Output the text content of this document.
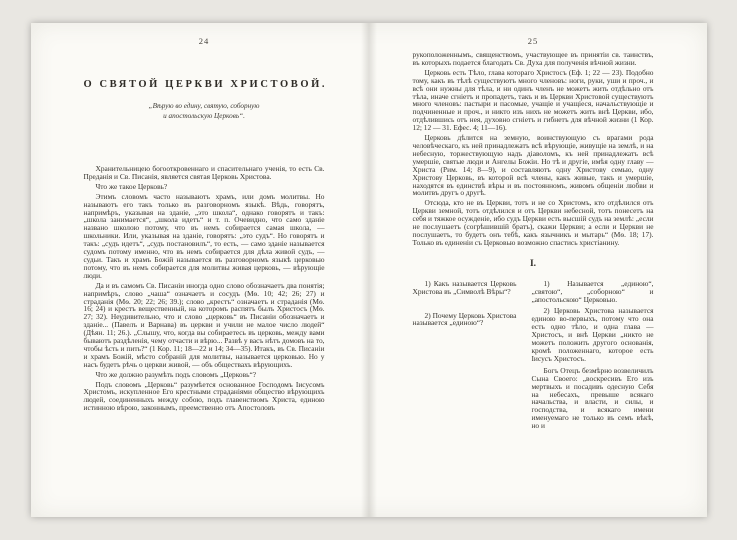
24
О СВЯТОЙ ЦЕРКВИ ХРИСТОВОЙ.
„Вѣрую во едину, святую, соборную
и апостольскую Церковь“.

Хранительницею богооткровеннаго и спасительнаго ученія, то есть Св. Преданія и Св. Писанія, является святая Церковь Христова.

Что же такое Церковь?

Этимъ словомъ часто называютъ храмъ, или домъ молитвы. Но называютъ его такъ только въ разговорномъ языкѣ. Вѣдь, говорятъ, напримѣръ, указывая на зданіе, „это школа“, однако говорятъ и такъ: „школа занимается“, „школа идетъ“ и т. п. Очевидно, что само зданіе названо школою потому, что въ немъ собирается самая школа, — школьники. Или, указывая на зданіе, говорятъ: „это судъ“. Но говорятъ и такъ: „судъ идетъ“, „судъ постановилъ“, то есть, — само зданіе называется судомъ потому именно, что въ немъ собирается для дѣла живой судъ, — судьи. Такъ и храмъ Божій называется въ разговорномъ языкѣ церковью потому, что въ немъ собирается для молитвы живая церковь, — вѣрующіе люди.

Да и въ самомъ Св. Писаніи иногда одно слово обозначаетъ два понятія; напримѣръ, слово „чаша“ означаетъ и сосудъ (Мѳ. 10; 42; 26; 27) и страданія (Мѳ. 20; 22; 26; 39.); слово „крестъ“ означаетъ и страданія (Мѳ. 16; 24) и крестъ вещественный, на которомъ распятъ былъ Христосъ (Мѳ. 27; 32). Неудивительно, что и слово „церковь“ въ Писаніи обозначаетъ и зданіе... (Павелъ и Варнава) въ церкви и учили не малое число людей“ (Дѣян. 11; 26.). „Слышу, что, когда вы собираетесь въ церковь, между вами бываютъ раздѣленія, чему отчасти и вѣрю... Развѣ у васъ нѣтъ домовъ на то, чтобы ѣсть и пить?“ (1 Кор. 11; 18—22 и 14; 34—35). Итакъ, въ Св. Писаніи и храмъ Божій, мѣсто собраній для молитвы, называется церковью. Но у насъ будетъ рѣчь о церкви живой, — объ обществахъ вѣрующихъ.

Что же должно разумѣть подъ словомъ „Церковь“?

Подъ словомъ „Церковь“ разумѣется основанное Господомъ Іисусомъ Христомъ, искупленное Его крестными страданіями общество вѣрующихъ людей, соединенныхъ между собою, подъ главенствомъ Христа, единою истинною вѣрою, законнымъ, преемственно отъ Апостоловъ

25

рукоположеннымъ, священствомъ, участвующее въ принятіи св. таинствъ, въ которыхъ подается благодать Св. Духа для полученія вѣчной жизни.

Церковь есть Тѣло, глава котораго Христосъ (Еф. 1; 22 — 23). Подобно тому, какъ въ тѣлѣ существуютъ много членовъ: ноги, руки, уши и проч., и всѣ они нужны для тѣла, и ни одинъ членъ не можетъ жить отдѣльно отъ тѣла, иначе сгніетъ и пропадетъ, такъ и въ Церкви Христовой существуютъ много членовъ: пастыри и пасомые, учащіе и учащіеся, начальствующіе и подчиненные и проч., и никто изъ нихъ не можетъ жить внѣ Церкви, ибо, отдѣлившись отъ нея, духовно сгніетъ и гибнетъ для вѣчной жизни (1 Кор. 12; 12 — 31. Ефес. 4; 11—16).

Церковь дѣлится на земную, воинствующую съ врагами рода человѣческаго, къ ней принадлежатъ всѣ вѣрующіе, живущіе на землѣ, и на небесную, торжествующую надъ діаволомъ, къ ней принадлежатъ всѣ умершіе, святые люди и Ангелы Божіи. Но тѣ и другіе, имѣя одну главу — Христа (Рим. 14; 8—9), и составляютъ одну Христову семью, одну Христову Церковь, въ которой всѣ члены, какъ живые, такъ и умершіе, находятся въ единствѣ вѣры и въ постоянномъ, живомъ общеніи любви и молитвъ другъ о другѣ.

Отсюда, кто не въ Церкви, тотъ и не со Христомъ, кто отдѣлился отъ Церкви земной, тотъ отдѣлился и отъ Церкви небесной, тотъ понесетъ на себя и тяжкое осужденіе, ибо судъ Церкви есть высшій судъ на землѣ: „если не послушаетъ (согрѣшившій братъ), скажи Церкви; а если и Церкви не послушаетъ, то будетъ онъ тебѣ, какъ язычникъ и мытарь“ (Мѳ. 18; 17). Только въ единеніи съ Церковью возможно спастись христіанину.

I.

1) Какъ называется Церковь Христова въ „Символѣ Вѣры“?

2) Почему Церковь Христова называется „единою“?

1) Называется „единою“, „святою“, „соборною“ и „апостольскою“ Церковью.

2) Церковь Христова называется единою во-первыхъ, потому что она есть одно тѣло, и одна глава — Христосъ, и внѣ Церкви „никто не можетъ положить другого основанія, кромѣ положеннаго, которое есть Іисусъ Христосъ.

Богъ Отецъ безмѣрно возвеличилъ Сына Своего: „воскресивъ Его изъ мертвыхъ и посадивъ одесную Себя на небесахъ, превыше всякаго начальства, и власти, и силы, и господства, и всякаго имени именуемаго не только въ семъ вѣкѣ, но и
